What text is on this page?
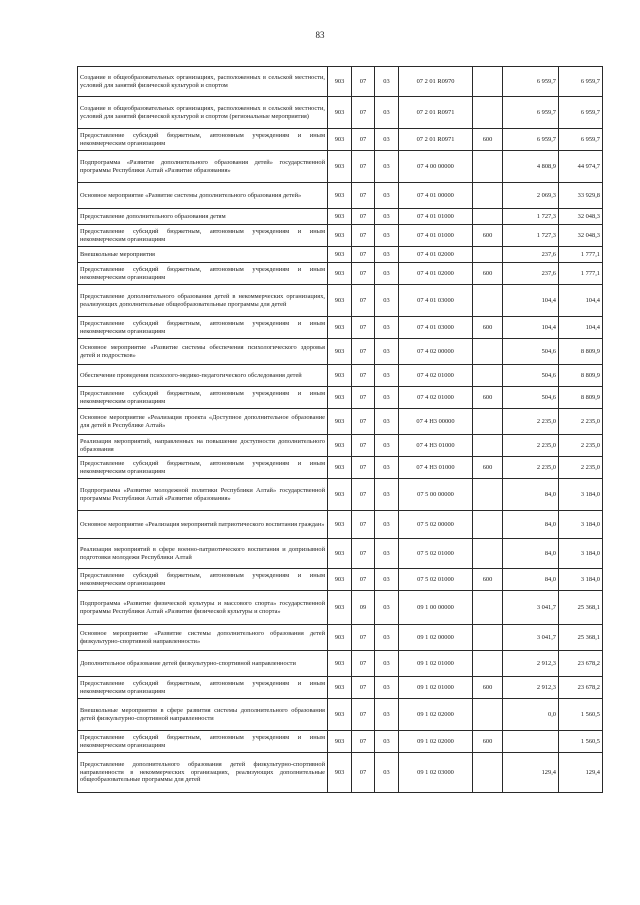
83
Создание в общеобразовательных организациях, расположенных в сельской местности, условий для занятий физической культурой и спортом	903	07	03	07 2 01 R0970		6 959,7	6 959,7
Создание в общеобразовательных организациях, расположенных в сельской местности, условий для занятий физической культурой и спортом (региональные мероприятия)	903	07	03	07 2 01 R0971		6 959,7	6 959,7
Предоставление субсидий бюджетным, автономным учреждениям и иным некоммерческим организациям	903	07	03	07 2 01 R0971	600	6 959,7	6 959,7
Подпрограмма «Развитие дополнительного образования детей» государственной программы Республики Алтай «Развитие образования»	903	07	03	07 4 00 00000		4 808,9	44 974,7
Основное мероприятие «Развитие системы дополнительного образования детей»	903	07	03	07 4 01 00000		2 069,3	33 929,8
Предоставление дополнительного образования детям	903	07	03	07 4 01 01000		1 727,3	32 048,3
Предоставление субсидий бюджетным, автономным учреждениям и иным некоммерческим организациям	903	07	03	07 4 01 01000	600	1 727,3	32 048,3
Внешкольные мероприятия	903	07	03	07 4 01 02000		237,6	1 777,1
Предоставление субсидий бюджетным, автономным учреждениям и иным некоммерческим организациям	903	07	03	07 4 01 02000	600	237,6	1 777,1
Предоставление дополнительного образования детей в некоммерческих организациях, реализующих дополнительные общеобразовательные программы для детей	903	07	03	07 4 01 03000		104,4	104,4
Предоставление субсидий бюджетным, автономным учреждениям и иным некоммерческим организациям	903	07	03	07 4 01 03000	600	104,4	104,4
Основное мероприятие «Развитие системы обеспечения психологического здоровья детей и подростков»	903	07	03	07 4 02 00000		504,6	8 809,9
Обеспечение проведения психолого-медико-педагогического обследования детей	903	07	03	07 4 02 01000		504,6	8 809,9
Предоставление субсидий бюджетным, автономным учреждениям и иным некоммерческим организациям	903	07	03	07 4 02 01000	600	504,6	8 809,9
Основное мероприятие «Реализация проекта «Доступное дополнительное образование для детей в Республике Алтай»	903	07	03	07 4 Н3 00000		2 235,0	2 235,0
Реализация мероприятий, направленных на повышение доступности дополнительного образования	903	07	03	07 4 Н3 01000		2 235,0	2 235,0
Предоставление субсидий бюджетным, автономным учреждениям и иным некоммерческим организациям	903	07	03	07 4 Н3 01000	600	2 235,0	2 235,0
Подпрограмма «Развитие молодежной политики Республики Алтай» государственной программы Республики Алтай «Развитие образования»	903	07	03	07 5 00 00000		84,0	3 184,0
Основное мероприятие «Реализация мероприятий патриотического воспитания граждан»	903	07	03	07 5 02 00000		84,0	3 184,0
Реализация мероприятий в сфере военно-патриотического воспитания и допризывной подготовки молодежи Республики Алтай	903	07	03	07 5 02 01000		84,0	3 184,0
Предоставление субсидий бюджетным, автономным учреждениям и иным некоммерческим организациям	903	07	03	07 5 02 01000	600	84,0	3 184,0
Подпрограмма «Развитие физической культуры и массового спорта» государственной программы Республики Алтай «Развитие физической культуры и спорта»	903	09	03	09 1 00 00000		3 041,7	25 368,1
Основное мероприятие «Развитие системы дополнительного образования детей физкультурно-спортивной направленности»	903	07	03	09 1 02 00000		3 041,7	25 368,1
Дополнительное образование детей физкультурно-спортивной направленности	903	07	03	09 1 02 01000		2 912,3	23 678,2
Предоставление субсидий бюджетным, автономным учреждениям и иным некоммерческим организациям	903	07	03	09 1 02 01000	600	2 912,3	23 678,2
Внешкольные мероприятия в сфере развития системы дополнительного образования детей физкультурно-спортивной направленности	903	07	03	09 1 02 02000		0,0	1 560,5
Предоставление субсидий бюджетным, автономным учреждениям и иным некоммерческим организациям	903	07	03	09 1 02 02000	600		1 560,5
Предоставление дополнительного образования детей физкультурно-спортивной направленности в некоммерческих организациях, реализующих дополнительные общеобразовательные программы для детей	903	07	03	09 1 02 03000		129,4	129,4
